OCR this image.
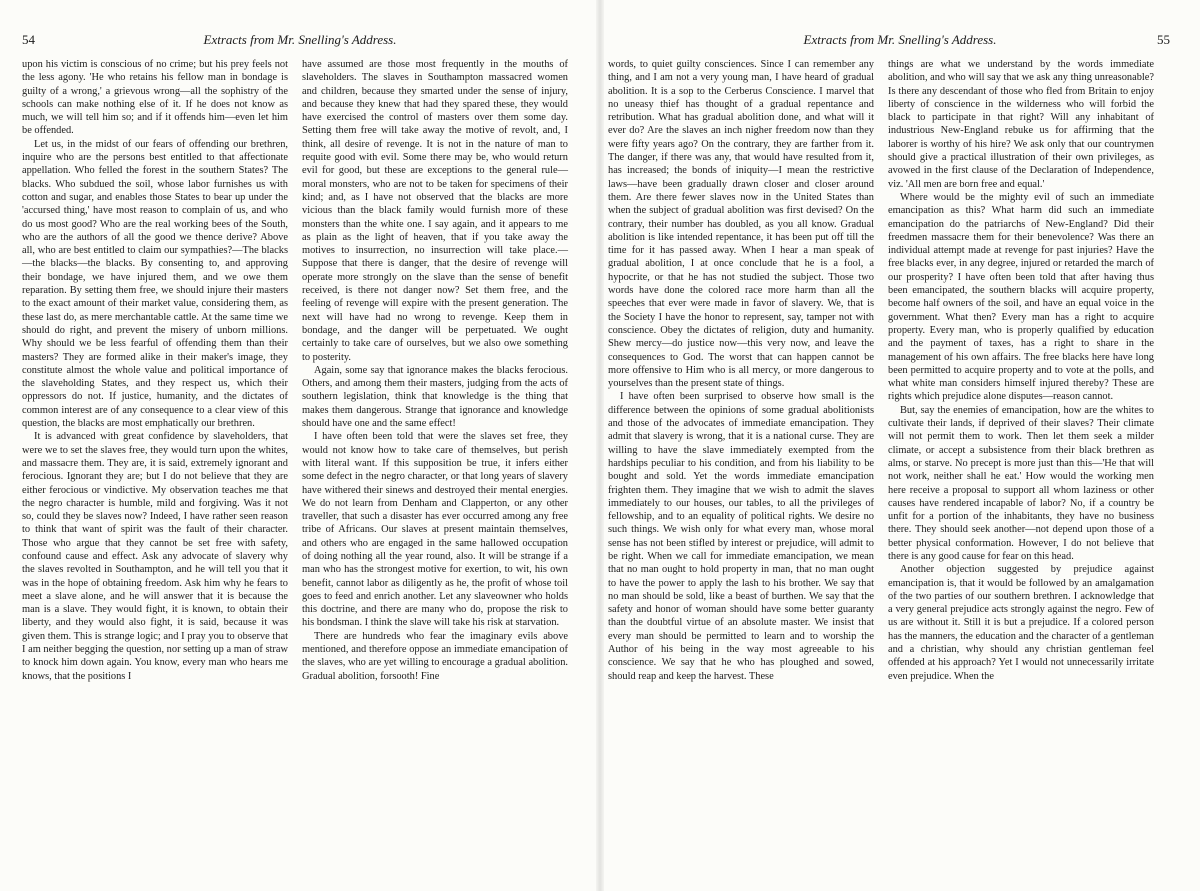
54	Extracts from Mr. Snelling's Address.

upon his victim is conscious of no crime; but his prey feels not the less agony. 'He who retains his fellow man in bondage is guilty of a wrong,' a grievous wrong—all the sophistry of the schools can make nothing else of it. If he does not know as much, we will tell him so; and if it offends him—even let him be offended.

Let us, in the midst of our fears of offending our brethren, inquire who are the persons best entitled to that affectionate appellation. Who felled the forest in the southern States? The blacks. Who subdued the soil, whose labor furnishes us with cotton and sugar, and enables those States to bear up under the 'accursed thing,' have most reason to complain of us, and who do us most good? Who are the real working bees of the South, who are the authors of all the good we thence derive? Above all, who are best entitled to claim our sympathies?—The blacks—the blacks—the blacks. By consenting to, and approving their bondage, we have injured them, and we owe them reparation. By setting them free, we should injure their masters to the exact amount of their market value, considering them, as these last do, as mere merchantable cattle. At the same time we should do right, and prevent the misery of unborn millions. Why should we be less fearful of offending them than their masters? They are formed alike in their maker's image, they constitute almost the whole value and political importance of the slaveholding States, and they respect us, which their oppressors do not. If justice, humanity, and the dictates of common interest are of any consequence to a clear view of this question, the blacks are most emphatically our brethren.

It is advanced with great confidence by slaveholders, that were we to set the slaves free, they would turn upon the whites, and massacre them. They are, it is said, extremely ignorant and ferocious. Ignorant they are; but I do not believe that they are either ferocious or vindictive. My observation teaches me that the negro character is humble, mild and forgiving. Was it not so, could they be slaves now? Indeed, I have rather seen reason to think that want of spirit was the fault of their character. Those who argue that they cannot be set free with safety, confound cause and effect. Ask any advocate of slavery why the slaves revolted in Southampton, and he will tell you that it was in the hope of obtaining freedom. Ask him why he fears to meet a slave alone, and he will answer that it is because the man is a slave. They would fight, it is known, to obtain their liberty, and they would also fight, it is said, because it was given them. This is strange logic; and I pray you to observe that I am neither begging the question, nor setting up a man of straw to knock him down again. You know, every man who hears me knows, that the positions I

have assumed are those most frequently in the mouths of slaveholders. The slaves in Southampton massacred women and children, because they smarted under the sense of injury, and because they knew that had they spared these, they would have exercised the control of masters over them some day. Setting them free will take away the motive of revolt, and, I think, all desire of revenge. It is not in the nature of man to requite good with evil. Some there may be, who would return evil for good, but these are exceptions to the general rule—moral monsters, who are not to be taken for specimens of their kind; and, as I have not observed that the blacks are more vicious than the black family would furnish more of these monsters than the white one. I say again, and it appears to me as plain as the light of heaven, that if you take away the motives to insurrection, no insurrection will take place.—Suppose that there is danger, that the desire of revenge will operate more strongly on the slave than the sense of benefit received, is there not danger now? Set them free, and the feeling of revenge will expire with the present generation. The next will have had no wrong to revenge. Keep them in bondage, and the danger will be perpetuated. We ought certainly to take care of ourselves, but we also owe something to posterity.

Again, some say that ignorance makes the blacks ferocious. Others, and among them their masters, judging from the acts of southern legislation, think that knowledge is the thing that makes them dangerous. Strange that ignorance and knowledge should have one and the same effect!

I have often been told that were the slaves set free, they would not know how to take care of themselves, but perish with literal want. If this supposition be true, it infers either some defect in the negro character, or that long years of slavery have withered their sinews and destroyed their mental energies. We do not learn from Denham and Clapperton, or any other traveller, that such a disaster has ever occurred among any free tribe of Africans. Our slaves at present maintain themselves, and others who are engaged in the same hallowed occupation of doing nothing all the year round, also. It will be strange if a man who has the strongest motive for exertion, to wit, his own benefit, cannot labor as diligently as he, the profit of whose toil goes to feed and enrich another. Let any slaveowner who holds this doctrine, and there are many who do, propose the risk to his bondsman. I think the slave will take his risk at starvation.

There are hundreds who fear the imaginary evils above mentioned, and therefore oppose an immediate emancipation of the slaves, who are yet willing to encourage a gradual abolition. Gradual abolition, forsooth! Fine

Extracts from Mr. Snelling's Address.	55

words, to quiet guilty consciences. Since I can remember any thing, and I am not a very young man, I have heard of gradual abolition. It is a sop to the Cerberus Conscience. I marvel that no uneasy thief has thought of a gradual repentance and retribution. What has gradual abolition done, and what will it ever do? Are the slaves an inch nigher freedom now than they were fifty years ago? On the contrary, they are farther from it. The danger, if there was any, that would have resulted from it, has increased; the bonds of iniquity—I mean the restrictive laws—have been gradually drawn closer and closer around them. Are there fewer slaves now in the United States than when the subject of gradual abolition was first devised? On the contrary, their number has doubled, as you all know. Gradual abolition is like intended repentance, it has been put off till the time for it has passed away. When I hear a man speak of gradual abolition, I at once conclude that he is a fool, a hypocrite, or that he has not studied the subject. Those two words have done the colored race more harm than all the speeches that ever were made in favor of slavery. We, that is the Society I have the honor to represent, say, tamper not with conscience. Obey the dictates of religion, duty and humanity. Shew mercy—do justice now—this very now, and leave the consequences to God. The worst that can happen cannot be more offensive to Him who is all mercy, or more dangerous to yourselves than the present state of things.

I have often been surprised to observe how small is the difference between the opinions of some gradual abolitionists and those of the advocates of immediate emancipation. They admit that slavery is wrong, that it is a national curse. They are willing to have the slave immediately exempted from the hardships peculiar to his condition, and from his liability to be bought and sold. Yet the words immediate emancipation frighten them. They imagine that we wish to admit the slaves immediately to our houses, our tables, to all the privileges of fellowship, and to an equality of political rights. We desire no such things. We wish only for what every man, whose moral sense has not been stifled by interest or prejudice, will admit to be right. When we call for immediate emancipation, we mean that no man ought to hold property in man, that no man ought to have the power to apply the lash to his brother. We say that no man should be sold, like a beast of burthen. We say that the safety and honor of woman should have some better guaranty than the doubtful virtue of an absolute master. We insist that every man should be permitted to learn and to worship the Author of his being in the way most agreeable to his conscience. We say that he who has ploughed and sowed, should reap and keep the harvest. These

things are what we understand by the words immediate abolition, and who will say that we ask any thing unreasonable? Is there any descendant of those who fled from Britain to enjoy liberty of conscience in the wilderness who will forbid the black to participate in that right? Will any inhabitant of industrious New-England rebuke us for affirming that the laborer is worthy of his hire? We ask only that our countrymen should give a practical illustration of their own privileges, as avowed in the first clause of the Declaration of Independence, viz. 'All men are born free and equal.'

Where would be the mighty evil of such an immediate emancipation as this? What harm did such an immediate emancipation do the patriarchs of New-England? Did their freedmen massacre them for their benevolence? Was there an individual attempt made at revenge for past injuries? Have the free blacks ever, in any degree, injured or retarded the march of our prosperity? I have often been told that after having thus been emancipated, the southern blacks will acquire property, become half owners of the soil, and have an equal voice in the government. What then? Every man has a right to acquire property. Every man, who is properly qualified by education and the payment of taxes, has a right to share in the management of his own affairs. The free blacks here have long been permitted to acquire property and to vote at the polls, and what white man considers himself injured thereby? These are rights which prejudice alone disputes—reason cannot.

But, say the enemies of emancipation, how are the whites to cultivate their lands, if deprived of their slaves? Their climate will not permit them to work. Then let them seek a milder climate, or accept a subsistence from their black brethren as alms, or starve. No precept is more just than this—'He that will not work, neither shall he eat.' How would the working men here receive a proposal to support all whom laziness or other causes have rendered incapable of labor? No, if a country be unfit for a portion of the inhabitants, they have no business there. They should seek another—not depend upon those of a better physical conformation. However, I do not believe that there is any good cause for fear on this head.

Another objection suggested by prejudice against emancipation is, that it would be followed by an amalgamation of the two parties of our southern brethren. I acknowledge that a very general prejudice acts strongly against the negro. Few of us are without it. Still it is but a prejudice. If a colored person has the manners, the education and the character of a gentleman and a christian, why should any christian gentleman feel offended at his approach? Yet I would not unnecessarily irritate even prejudice. When the
